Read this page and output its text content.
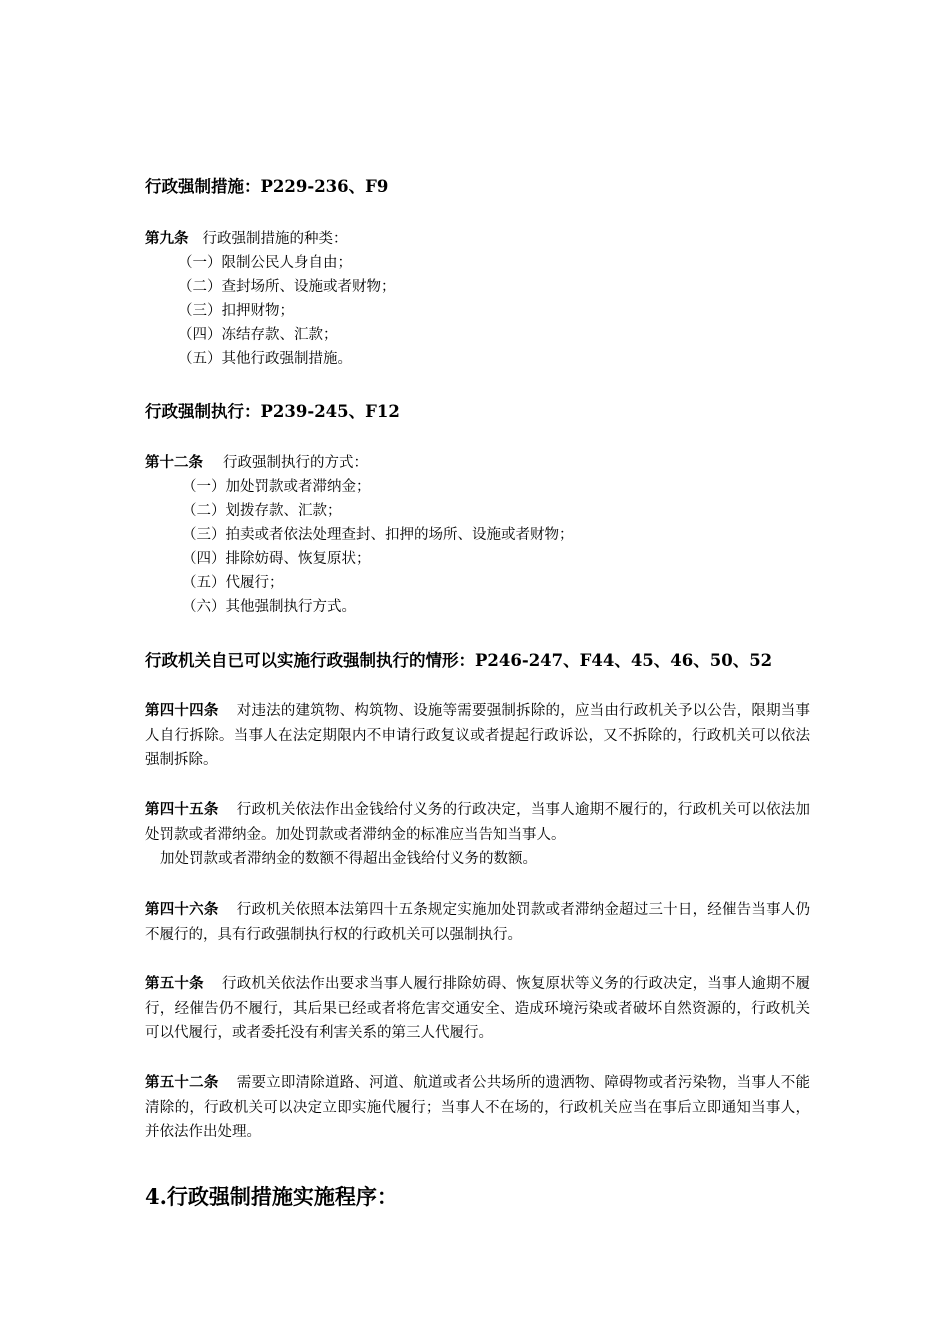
行政强制措施：P229-236、F9
第九条 行政强制措施的种类：
（一）限制公民人身自由；
（二）查封场所、设施或者财物；
（三）扣押财物；
（四）冻结存款、汇款；
（五）其他行政强制措施。
行政强制执行：P239-245、F12
第十二条 行政强制执行的方式：
（一）加处罚款或者滞纳金；
（二）划拨存款、汇款；
（三）拍卖或者依法处理查封、扣押的场所、设施或者财物；
（四）排除妨碍、恢复原状；
（五）代履行；
（六）其他强制执行方式。
行政机关自已可以实施行政强制执行的情形：P246-247、F44、45、46、50、52

第四十四条 对违法的建筑物、构筑物、设施等需要强制拆除的，应当由行政机关予以公告，限期当事人自行拆除。当事人在法定期限内不申请行政复议或者提起行政诉讼，又不拆除的，行政机关可以依法强制拆除。

第四十五条 行政机关依法作出金钱给付义务的行政决定，当事人逾期不履行的，行政机关可以依法加处罚款或者滞纳金。加处罚款或者滞纳金的标准应当告知当事人。

加处罚款或者滞纳金的数额不得超出金钱给付义务的数额。

第四十六条 行政机关依照本法第四十五条规定实施加处罚款或者滞纳金超过三十日，经催告当事人仍不履行的，具有行政强制执行权的行政机关可以强制执行。

第五十条 行政机关依法作出要求当事人履行排除妨碍、恢复原状等义务的行政决定，当事人逾期不履行，经催告仍不履行，其后果已经或者将危害交通安全、造成环境污染或者破坏自然资源的，行政机关可以代履行，或者委托没有利害关系的第三人代履行。

第五十二条 需要立即清除道路、河道、航道或者公共场所的遗洒物、障碍物或者污染物，当事人不能清除的，行政机关可以决定立即实施代履行；当事人不在场的，行政机关应当在事后立即通知当事人，并依法作出处理。

4.行政强制措施实施程序：
